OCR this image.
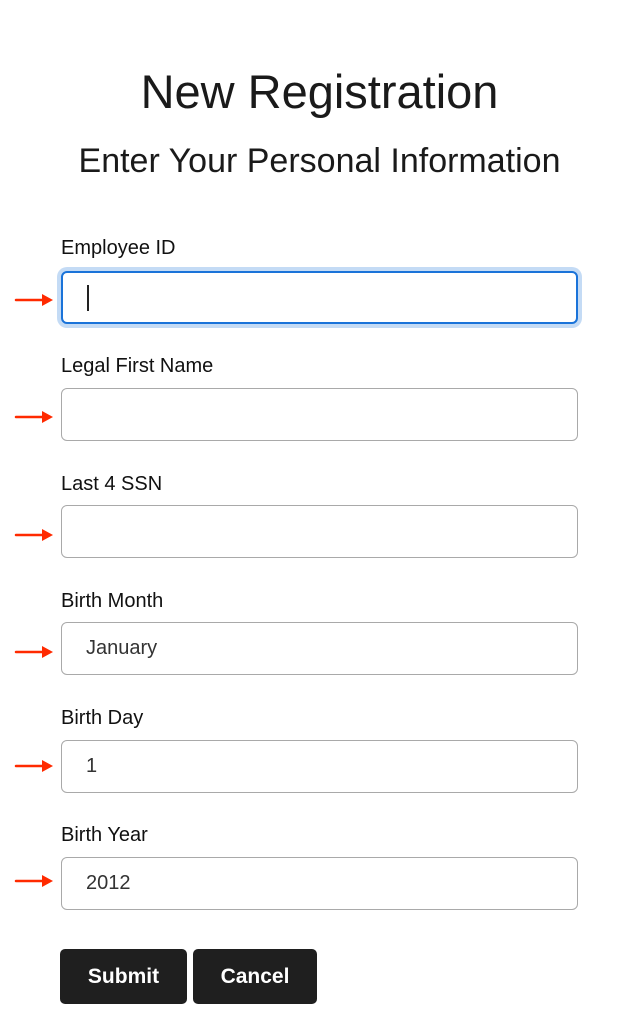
New Registration
Enter Your Personal Information
Employee ID
Legal First Name
Last 4 SSN
Birth Month
January
Birth Day
1
Birth Year
2012
Submit	Cancel
